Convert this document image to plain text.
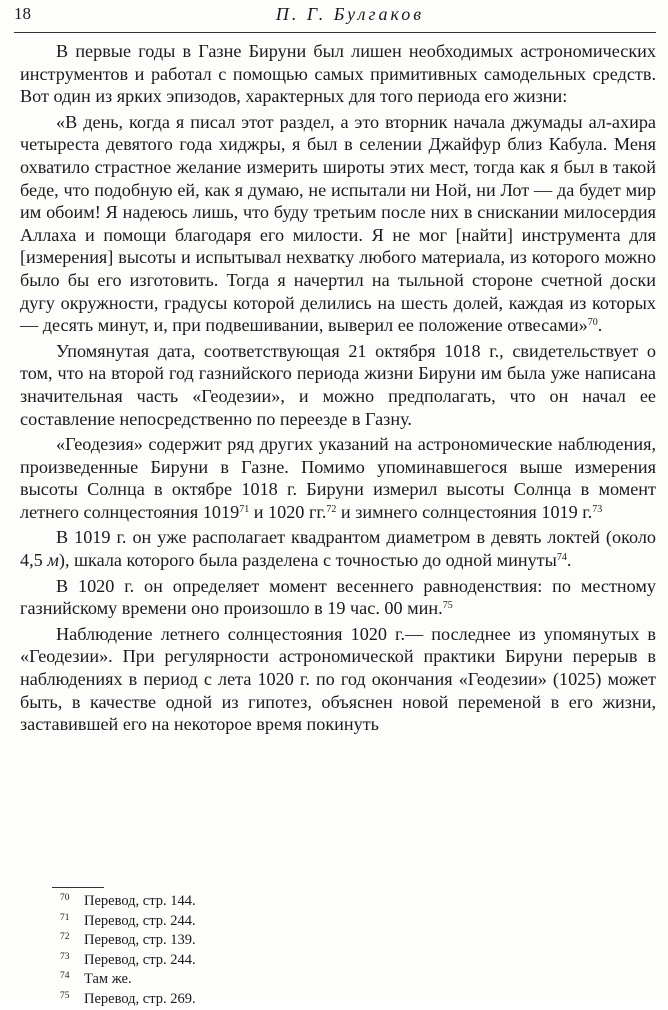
18	П. Г. Булгаков

В первые годы в Газне Бируни был лишен необходимых астрономических инструментов и работал с помощью самых примитивных самодельных средств. Вот один из ярких эпизодов, характерных для того периода его жизни:

«В день, когда я писал этот раздел, а это вторник начала джумады ал-ахира четыреста девятого года хиджры, я был в селении Джайфур близ Кабула. Меня охватило страстное желание измерить широты этих мест, тогда как я был в такой беде, что подобную ей, как я думаю, не испытали ни Ной, ни Лот — да будет мир им обоим! Я надеюсь лишь, что буду третьим после них в снискании милосердия Аллаха и помощи благодаря его милости. Я не мог [найти] инструмента для [измерения] высоты и испытывал нехватку любого материала, из которого можно было бы его изготовить. Тогда я начертил на тыльной стороне счетной доски дугу окружности, градусы которой делились на шесть долей, каждая из которых — десять минут, и, при подвешивании, выверил ее положение отвесами»$^{70}$.

Упомянутая дата, соответствующая 21 октября 1018 г., свидетельствует о том, что на второй год газнийского периода жизни Бируни им была уже написана значительная часть «Геодезии», и можно предполагать, что он начал ее составление непосредственно по переезде в Газну.

«Геодезия» содержит ряд других указаний на астрономические наблюдения, произведенные Бируни в Газне. Помимо упоминавшегося выше измерения высоты Солнца в октябре 1018 г. Бируни измерил высоты Солнца в момент летнего солнцестояния 1019$^{71}$ и 1020 гг.$^{72}$ и зимнего солнцестояния 1019 г.$^{73}$

В 1019 г. он уже располагает квадрантом диаметром в девять локтей (около 4,5 м), шкала которого была разделена с точностью до одной минуты$^{74}$.

В 1020 г. он определяет момент весеннего равноденствия: по местному газнийскому времени оно произошло в 19 час. 00 мин.$^{75}$

Наблюдение летнего солнцестояния 1020 г.— последнее из упомянутых в «Геодезии». При регулярности астрономической практики Бируни перерыв в наблюдениях в период с лета 1020 г. по год окончания «Геодезии» (1025) может быть, в качестве одной из гипотез, объяснен новой переменой в его жизни, заставившей его на некоторое время покинуть

70 Перевод, стр. 144.
71 Перевод, стр. 244.
72 Перевод, стр. 139.
73 Перевод, стр. 244.
74 Там же.
75 Перевод, стр. 269.
